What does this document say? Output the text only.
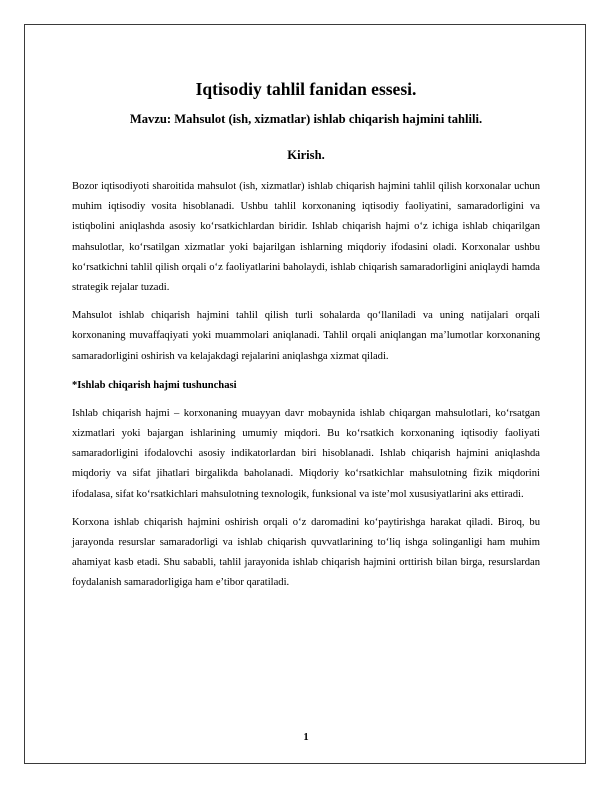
Iqtisodiy tahlil fanidan essesi.
Mavzu: Mahsulot (ish, xizmatlar) ishlab chiqarish hajmini tahlili.
Kirish.

Bozor iqtisodiyoti sharoitida mahsulot (ish, xizmatlar) ishlab chiqarish hajmini tahlil qilish korxonalar uchun muhim iqtisodiy vosita hisoblanadi. Ushbu tahlil korxonaning iqtisodiy faoliyatini, samaradorligini va istiqbolini aniqlashda asosiy ko‘rsatkichlardan biridir. Ishlab chiqarish hajmi o‘z ichiga ishlab chiqarilgan mahsulotlar, ko‘rsatilgan xizmatlar yoki bajarilgan ishlarning miqdoriy ifodasini oladi. Korxonalar ushbu ko‘rsatkichni tahlil qilish orqali o‘z faoliyatlarini baholaydi, ishlab chiqarish samaradorligini aniqlaydi hamda strategik rejalar tuzadi.

Mahsulot ishlab chiqarish hajmini tahlil qilish turli sohalarda qo‘llaniladi va uning natijalari orqali korxonaning muvaffaqiyati yoki muammolari aniqlanadi. Tahlil orqali aniqlangan ma’lumotlar korxonaning samaradorligini oshirish va kelajakdagi rejalarini aniqlashga xizmat qiladi.

*Ishlab chiqarish hajmi tushunchasi

Ishlab chiqarish hajmi – korxonaning muayyan davr mobaynida ishlab chiqargan mahsulotlari, ko‘rsatgan xizmatlari yoki bajargan ishlarining umumiy miqdori. Bu ko‘rsatkich korxonaning iqtisodiy faoliyati samaradorligini ifodalovchi asosiy indikatorlardan biri hisoblanadi. Ishlab chiqarish hajmini aniqlashda miqdoriy va sifat jihatlari birgalikda baholanadi. Miqdoriy ko‘rsatkichlar mahsulotning fizik miqdorini ifodalasa, sifat ko‘rsatkichlari mahsulotning texnologik, funksional va iste’mol xususiyatlarini aks ettiradi.

Korxona ishlab chiqarish hajmini oshirish orqali o‘z daromadini ko‘paytirishga harakat qiladi. Biroq, bu jarayonda resurslar samaradorligi va ishlab chiqarish quvvatlarining to‘liq ishga solinganligi ham muhim ahamiyat kasb etadi. Shu sababli, tahlil jarayonida ishlab chiqarish hajmini orttirish bilan birga, resurslardan foydalanish samaradorligiga ham e’tibor qaratiladi.

1
